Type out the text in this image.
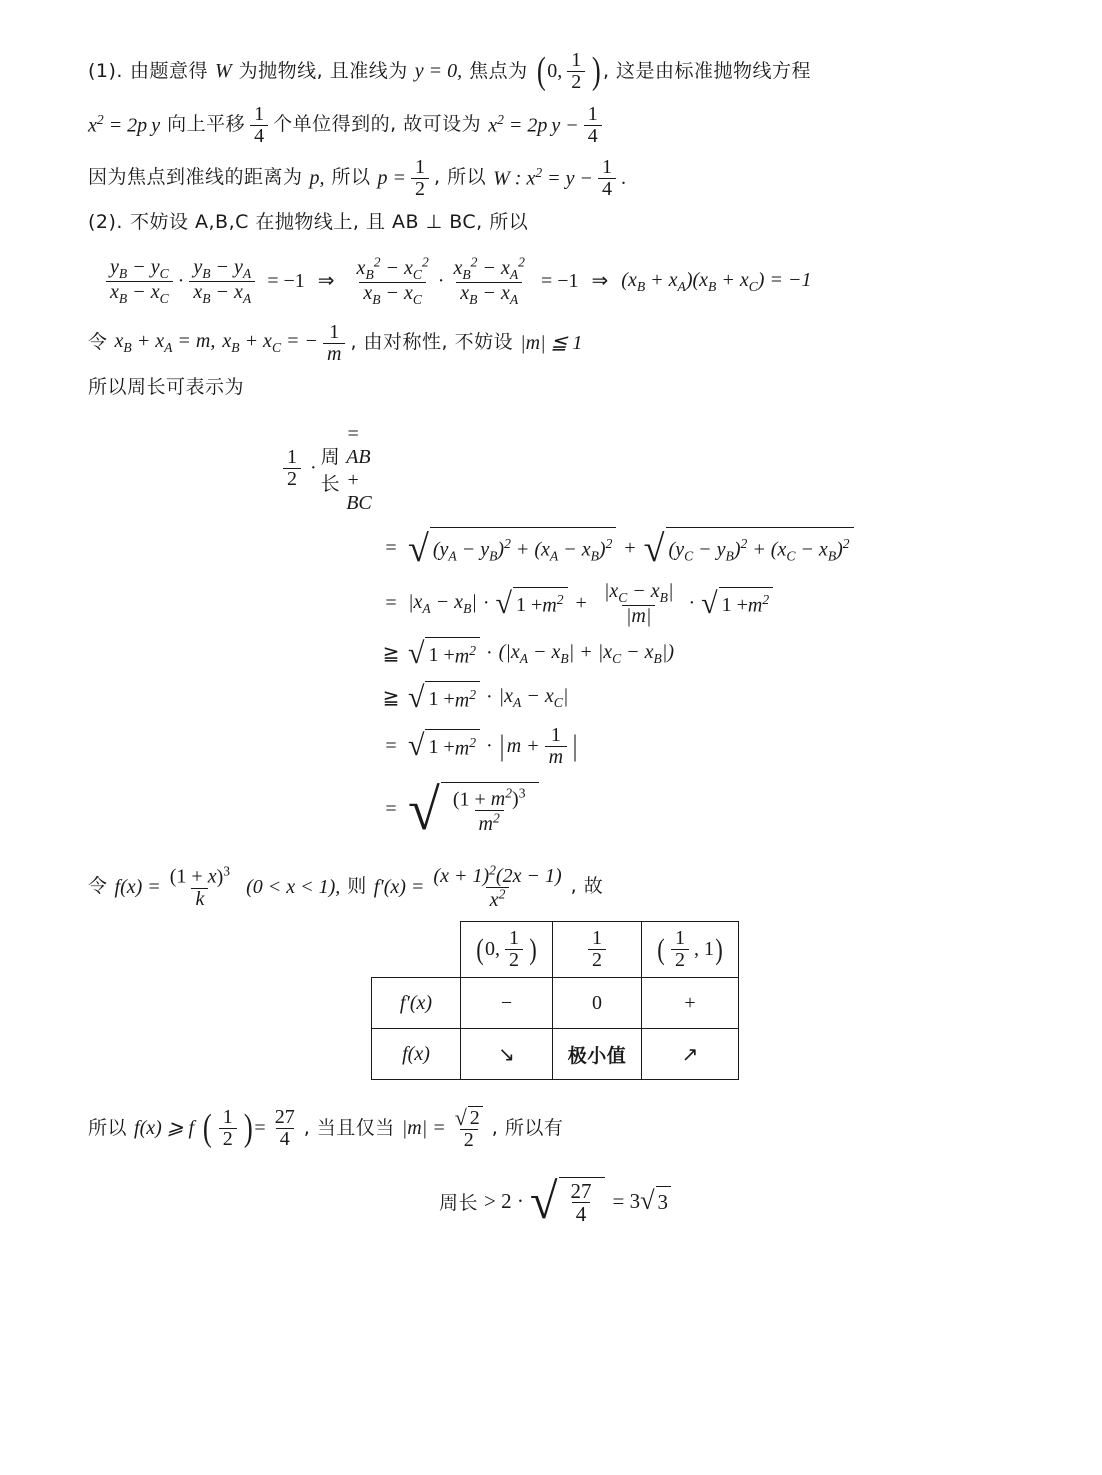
(1). 由题意得 W 为抛物线, 且准线为 y = 0, 焦点为 ( 0, $\frac{1}{2}$ ) , 这是由标准抛物线方程
$x^2 = 2p$ y 向上平移 $\frac{1}{4}$ 个单位得到的, 故可设为 $x^2 = 2p$ $y - \frac{1}{4}$
因为焦点到准线的距离为 p, 所以 $p = \frac{1}{2}$ , 所以 W : $x^2 = y - \frac{1}{4}$ .
(2). 不妨设 A,B,C 在抛物线上, 且 AB ⊥ BC, 所以
$\frac{y_B - y_C}{x_B - x_C} \cdot \frac{y_B - y_A}{x_B - x_A} = -1$ ⇒ $\frac{x_B^2 - x_C^2}{x_B - x_C} \cdot \frac{x_B^2 - x_A^2}{x_B - x_A} = -1$ ⇒ $(x_B + x_A)(x_B + x_C) = -1$
令 $x_B + x_A = m$, $x_B + x_C$ = − $\frac{1}{m}$ , 由对称性, 不妨设 |m| ≦ 1
所以周长可表示为
$\frac{1}{2}$ ·
周长
= AB + BC
= √ $(y_A - y_B)^2 + (x_A - x_B)^2$ + √ $(y_C - y_B)^2 + (x_C - x_B)^2$
= $|x_A - x_B|$ · √ $1 + m^2 + \frac{|x_C - x_B|}{|m|}$ · √ $1 + m^2$
≧ √ $1 + m^2 \cdot (|x_A - x_B| + |x_C - x_B|)$
≧ √ $1 + m^2 \cdot |x_A - x_C|$
= √ $1 + m^2$ · | $m + \frac{1}{m}$ |
= √ $\frac{(1 + m^2)^3}{m^2}$
令 $f(x) = \frac{(1 + x)^3}{k} (0 < x < 1)$, 则 $f'(x) = \frac{(x + 1)^2(2x - 1)}{x^2}$ , 故

	( 0, $\frac{1}{2}$ )	$\frac{1}{2}$	( $\frac{1}{2}$ , 1 )

f′(x)	−	0	+
f(x)	↘	极小值	↗
所以 f(x) ⩾ f ( $\frac{1}{2}$ ) = $\frac{27}{4}$ , 当且仅当 $|m| = \frac{√ 2}{2}$ , 所以有
周长 > 2 · √ $\frac{27}{4} = 3$ √ 3
